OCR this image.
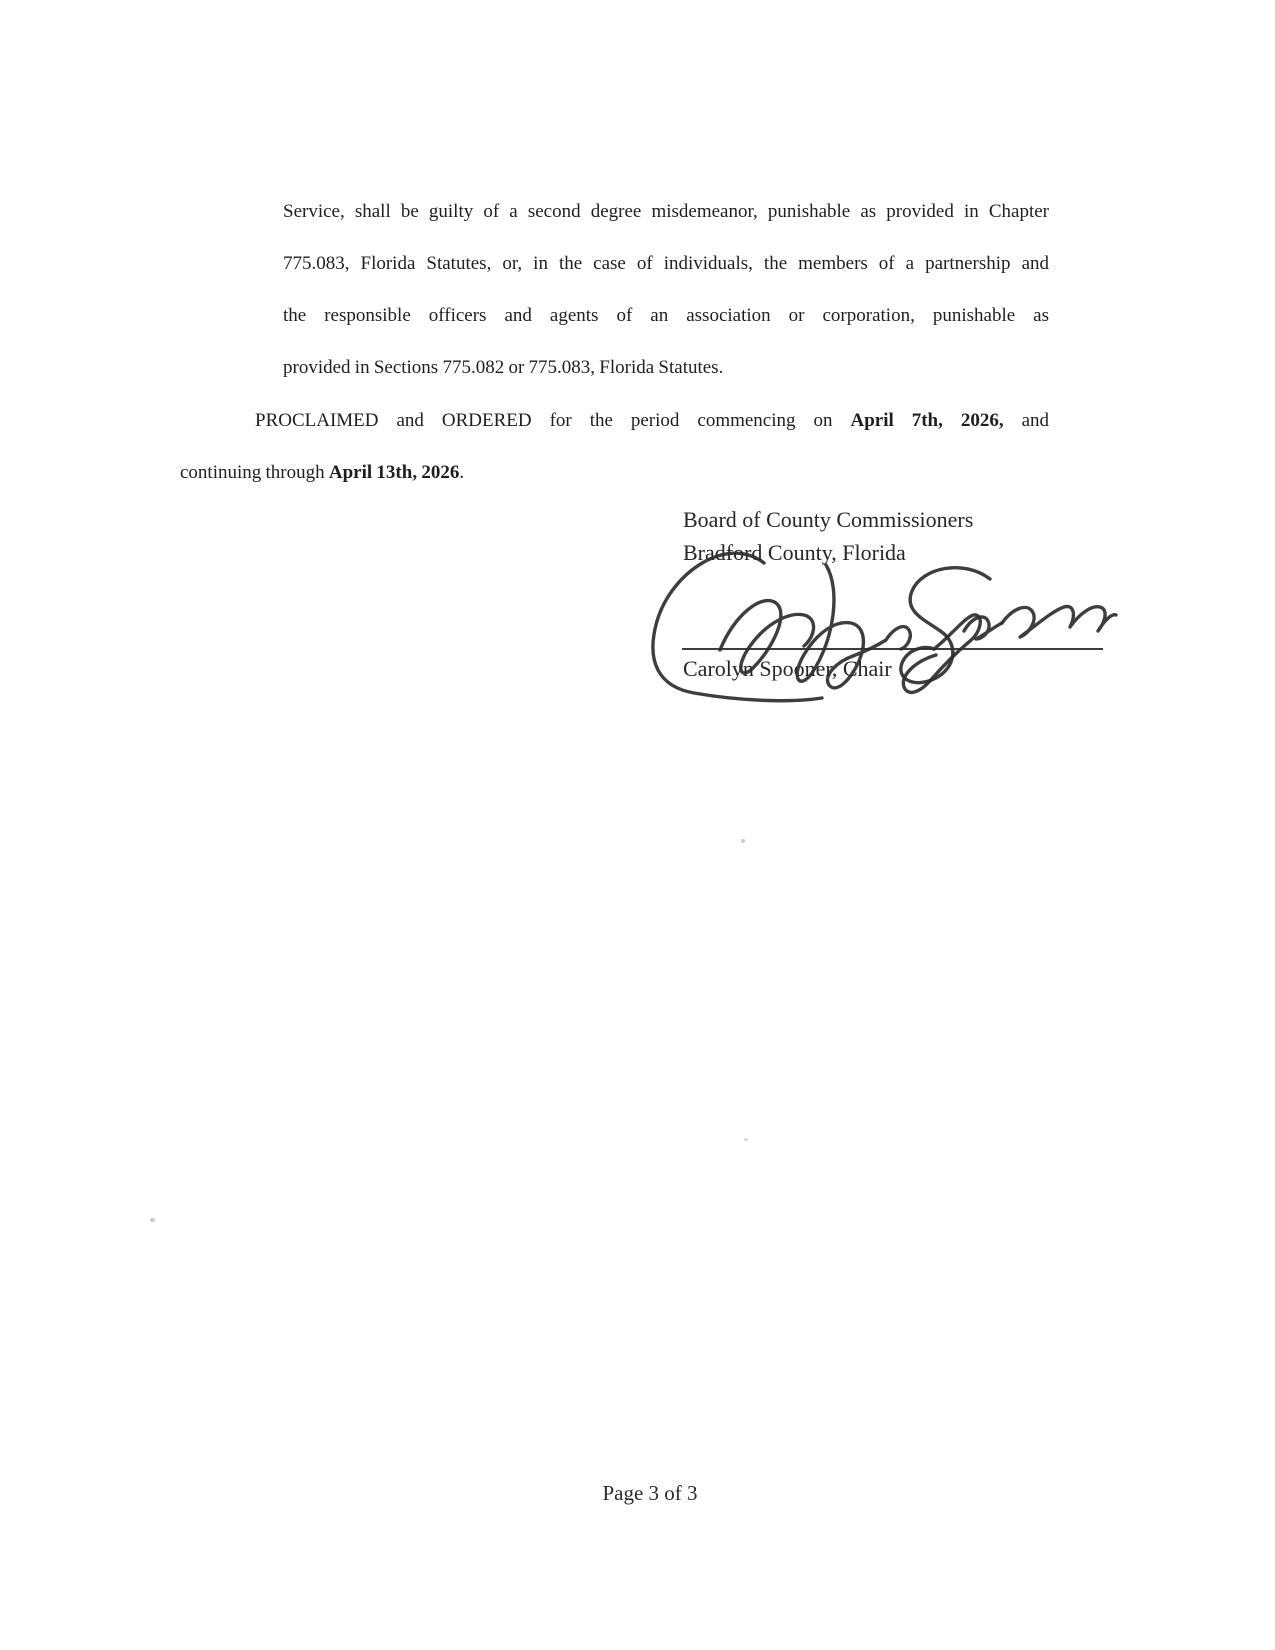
Service, shall be guilty of a second degree misdemeanor, punishable as provided in Chapter
775.083, Florida Statutes, or, in the case of individuals, the members of a partnership and
the responsible officers and agents of an association or corporation, punishable as
provided in Sections 775.082 or 775.083, Florida Statutes.
PROCLAIMED and ORDERED for the period commencing on April 7th, 2026, and
continuing through April 13th, 2026.
Board of County Commissioners
Bradford County, Florida
Carolyn Spooner, Chair
Page 3 of 3
